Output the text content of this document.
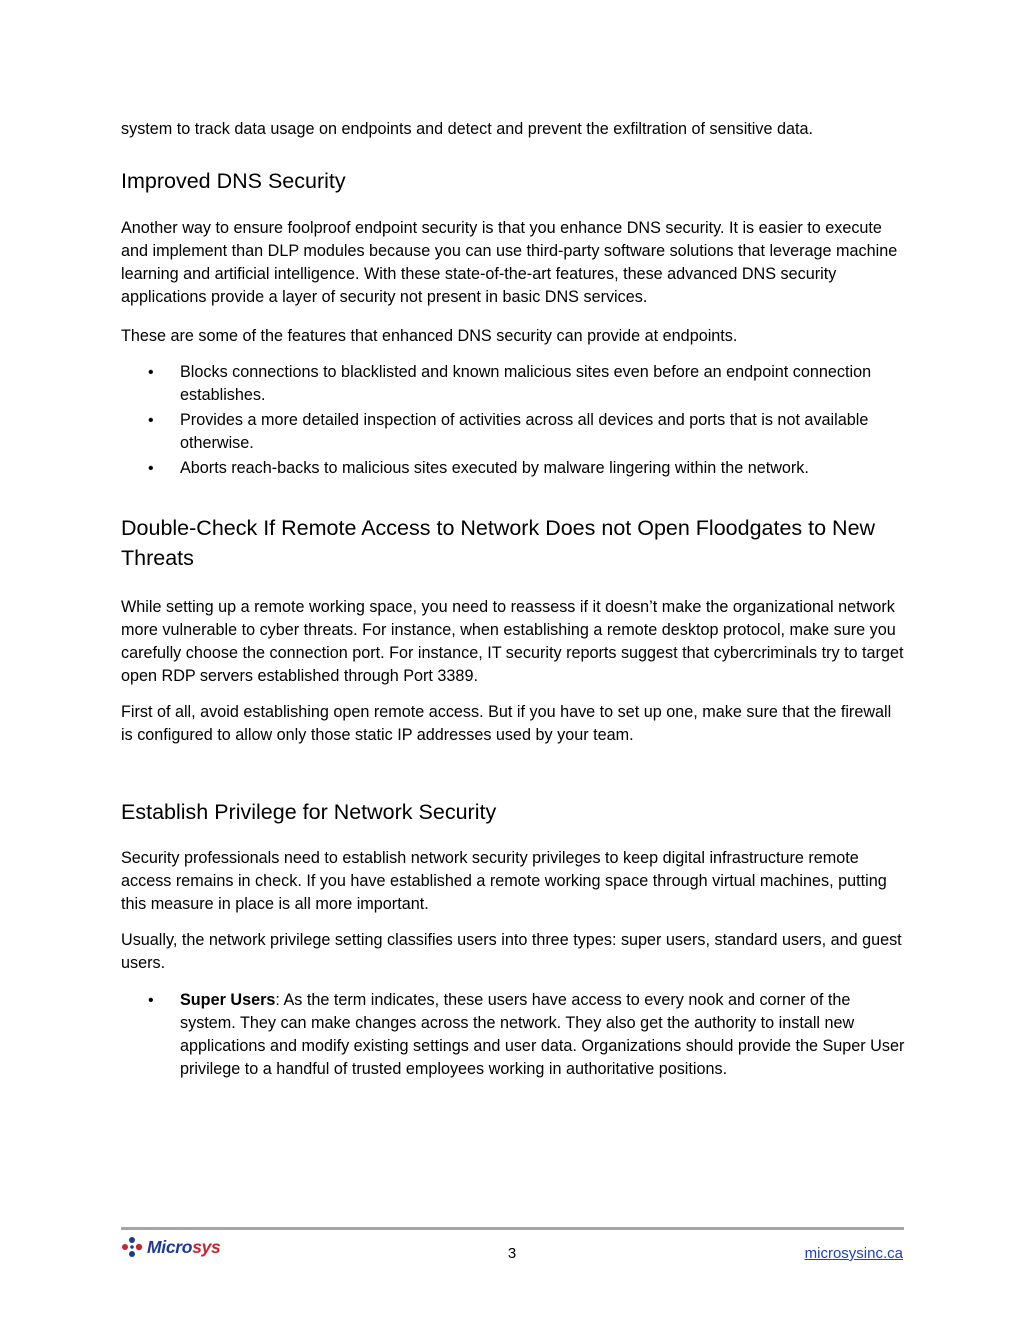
system to track data usage on endpoints and detect and prevent the exfiltration of sensitive data.

Improved DNS Security

Another way to ensure foolproof endpoint security is that you enhance DNS security. It is easier to execute and implement than DLP modules because you can use third-party software solutions that leverage machine learning and artificial intelligence. With these state-of-the-art features, these advanced DNS security applications provide a layer of security not present in basic DNS services.

These are some of the features that enhanced DNS security can provide at endpoints.

• Blocks connections to blacklisted and known malicious sites even before an endpoint connection establishes.
• Provides a more detailed inspection of activities across all devices and ports that is not available otherwise.
• Aborts reach-backs to malicious sites executed by malware lingering within the network.
Double-Check If Remote Access to Network Does not Open Floodgates to New Threats

While setting up a remote working space, you need to reassess if it doesn’t make the organizational network more vulnerable to cyber threats. For instance, when establishing a remote desktop protocol, make sure you carefully choose the connection port. For instance, IT security reports suggest that cybercriminals try to target open RDP servers established through Port 3389.

First of all, avoid establishing open remote access. But if you have to set up one, make sure that the firewall is configured to allow only those static IP addresses used by your team.

Establish Privilege for Network Security

Security professionals need to establish network security privileges to keep digital infrastructure remote access remains in check. If you have established a remote working space through virtual machines, putting this measure in place is all more important.

Usually, the network privilege setting classifies users into three types: super users, standard users, and guest users.

• Super Users: As the term indicates, these users have access to every nook and corner of the system. They can make changes across the network. They also get the authority to install new applications and modify existing settings and user data. Organizations should provide the Super User privilege to a handful of trusted employees working in authoritative positions.
Microsys	3	microsysinc.ca
